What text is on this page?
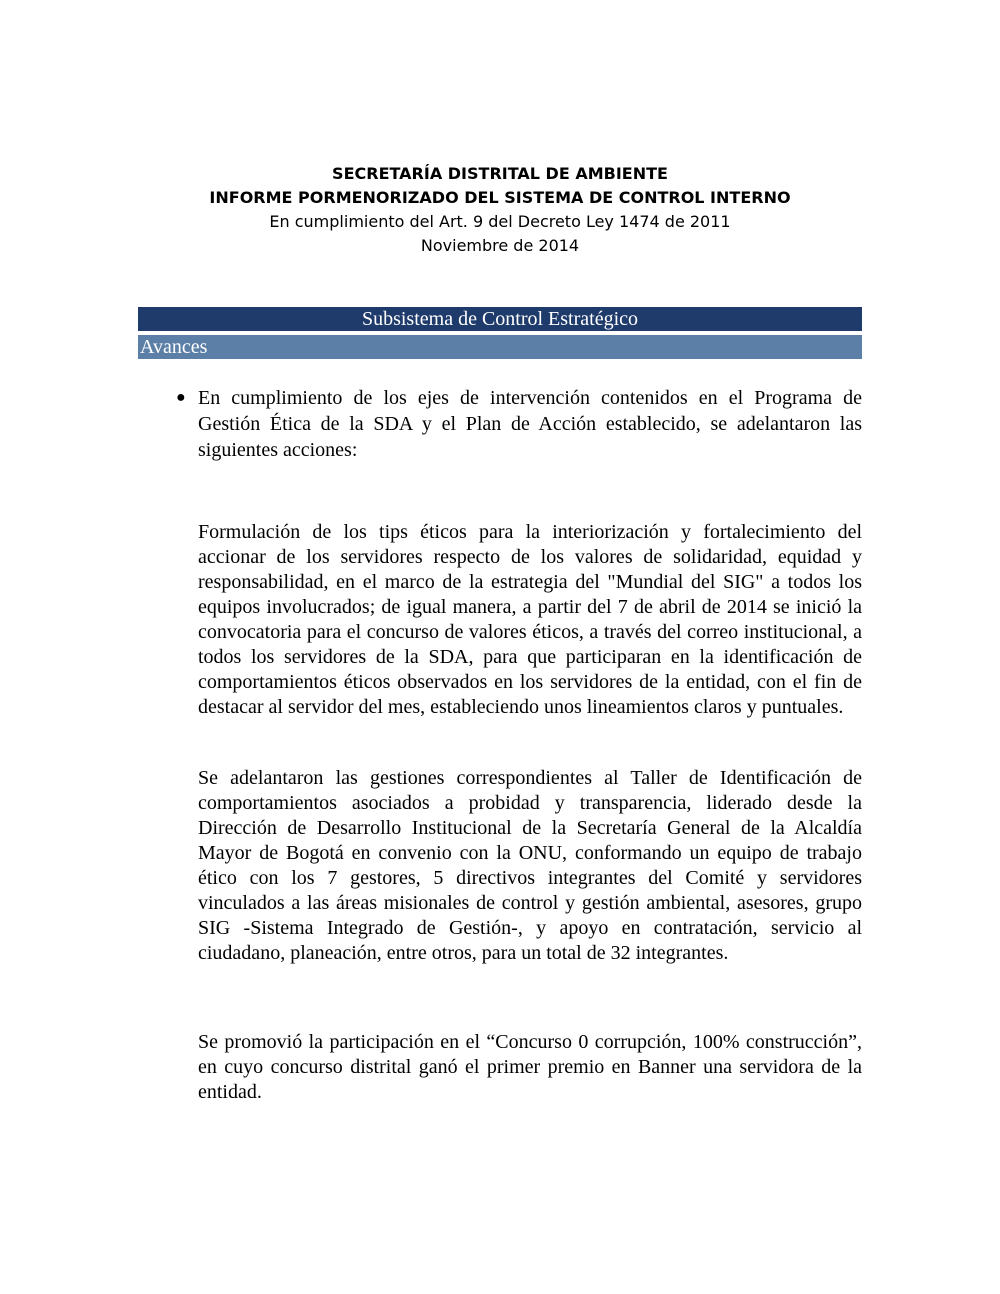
SECRETARÍA DISTRITAL DE AMBIENTE
INFORME PORMENORIZADO DEL SISTEMA DE CONTROL INTERNO
En cumplimiento del Art. 9 del Decreto Ley 1474 de 2011
Noviembre de 2014
Subsistema de Control Estratégico
Avances
● En cumplimiento de los ejes de intervención contenidos en el Programa de Gestión Ética de la SDA y el Plan de Acción establecido, se adelantaron las siguientes acciones:
Formulación de los tips éticos para la interiorización y fortalecimiento del accionar de los servidores respecto de los valores de solidaridad, equidad y responsabilidad, en el marco de la estrategia del "Mundial del SIG" a todos los equipos involucrados; de igual manera, a partir del 7 de abril de 2014 se inició la convocatoria para el concurso de valores éticos, a través del correo institucional, a todos los servidores de la SDA, para que participaran en la identificación de comportamientos éticos observados en los servidores de la entidad, con el fin de destacar al servidor del mes, estableciendo unos lineamientos claros y puntuales.
Se adelantaron las gestiones correspondientes al Taller de Identificación de comportamientos asociados a probidad y transparencia, liderado desde la Dirección de Desarrollo Institucional de la Secretaría General de la Alcaldía Mayor de Bogotá en convenio con la ONU, conformando un equipo de trabajo ético con los 7 gestores, 5 directivos integrantes del Comité y servidores vinculados a las áreas misionales de control y gestión ambiental, asesores, grupo SIG -Sistema Integrado de Gestión-, y apoyo en contratación, servicio al ciudadano, planeación, entre otros, para un total de 32 integrantes.
Se promovió la participación en el “Concurso 0 corrupción, 100% construcción”, en cuyo concurso distrital ganó el primer premio en Banner una servidora de la entidad.
